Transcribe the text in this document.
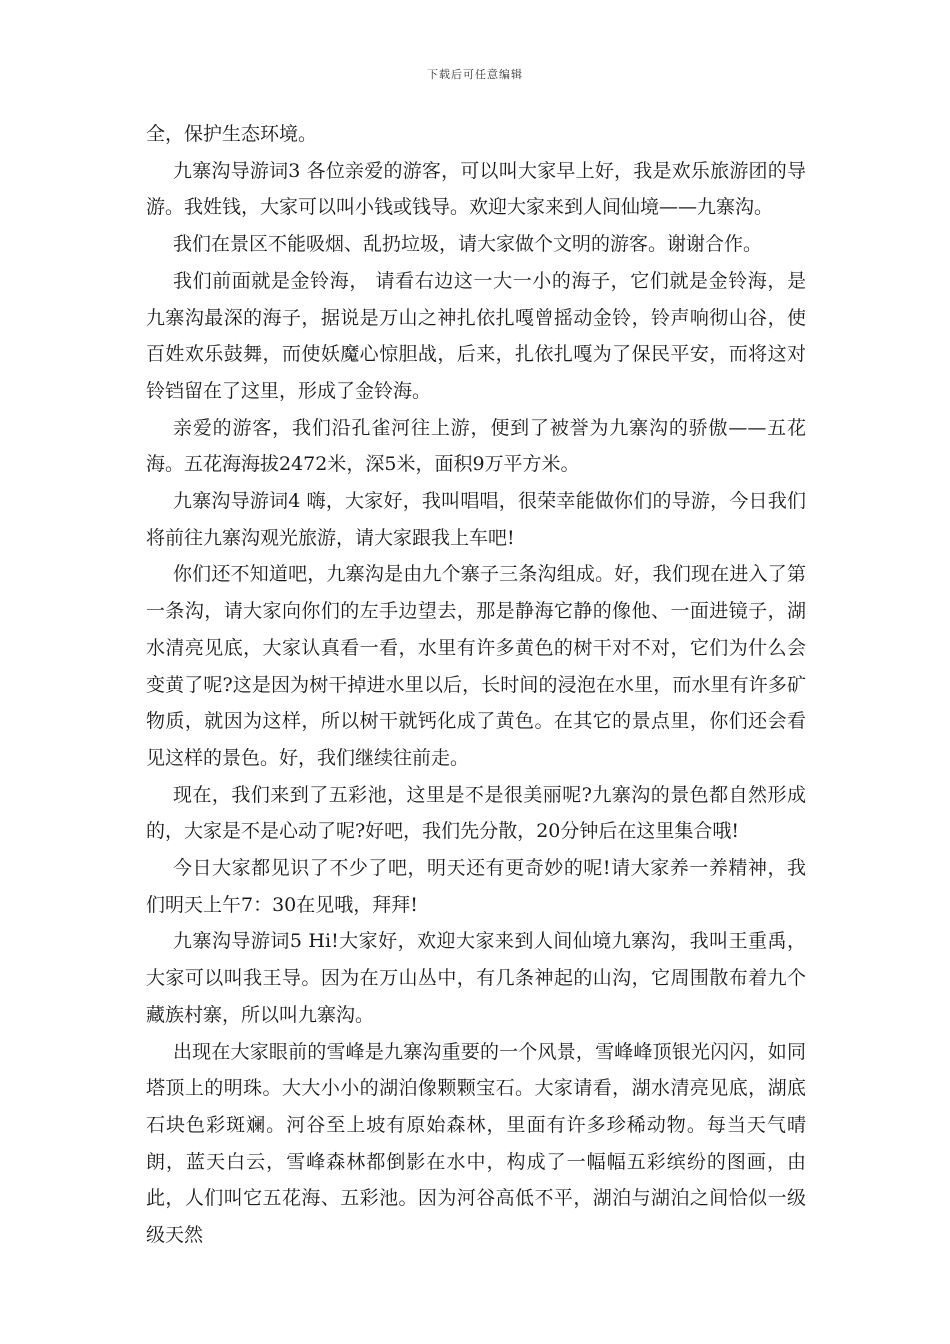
下载后可任意编辑

全，保护生态环境。

九寨沟导游词3 各位亲爱的游客，可以叫大家早上好，我是欢乐旅游团的导游。我姓钱，大家可以叫小钱或钱导。欢迎大家来到人间仙境——九寨沟。

我们在景区不能吸烟、乱扔垃圾，请大家做个文明的游客。谢谢合作。

我们前面就是金铃海， 请看右边这一大一小的海子，它们就是金铃海，是九寨沟最深的海子，据说是万山之神扎依扎嘎曾摇动金铃，铃声响彻山谷，使百姓欢乐鼓舞，而使妖魔心惊胆战，后来，扎依扎嘎为了保民平安，而将这对铃铛留在了这里，形成了金铃海。

亲爱的游客，我们沿孔雀河往上游，便到了被誉为九寨沟的骄傲——五花海。五花海海拔2472米，深5米，面积9万平方米。

九寨沟导游词4 嗨，大家好，我叫唱唱，很荣幸能做你们的导游，今日我们将前往九寨沟观光旅游，请大家跟我上车吧!

你们还不知道吧，九寨沟是由九个寨子三条沟组成。好，我们现在进入了第一条沟，请大家向你们的左手边望去，那是静海它静的像他、一面进镜子，湖水清亮见底，大家认真看一看，水里有许多黄色的树干对不对，它们为什么会变黄了呢?这是因为树干掉进水里以后，长时间的浸泡在水里，而水里有许多矿物质，就因为这样，所以树干就钙化成了黄色。在其它的景点里，你们还会看见这样的景色。好，我们继续往前走。

现在，我们来到了五彩池，这里是不是很美丽呢?九寨沟的景色都自然形成的，大家是不是心动了呢?好吧，我们先分散，20分钟后在这里集合哦!

今日大家都见识了不少了吧，明天还有更奇妙的呢!请大家养一养精神，我们明天上午7：30在见哦，拜拜!

九寨沟导游词5 Hi!大家好，欢迎大家来到人间仙境九寨沟，我叫王重禹，大家可以叫我王导。因为在万山丛中，有几条神起的山沟，它周围散布着九个藏族村寨，所以叫九寨沟。

出现在大家眼前的雪峰是九寨沟重要的一个风景，雪峰峰顶银光闪闪，如同塔顶上的明珠。大大小小的湖泊像颗颗宝石。大家请看，湖水清亮见底，湖底石块色彩斑斓。河谷至上坡有原始森林，里面有许多珍稀动物。每当天气晴朗，蓝天白云，雪峰森林都倒影在水中，构成了一幅幅五彩缤纷的图画，由此，人们叫它五花海、五彩池。因为河谷高低不平，湖泊与湖泊之间恰似一级级天然
